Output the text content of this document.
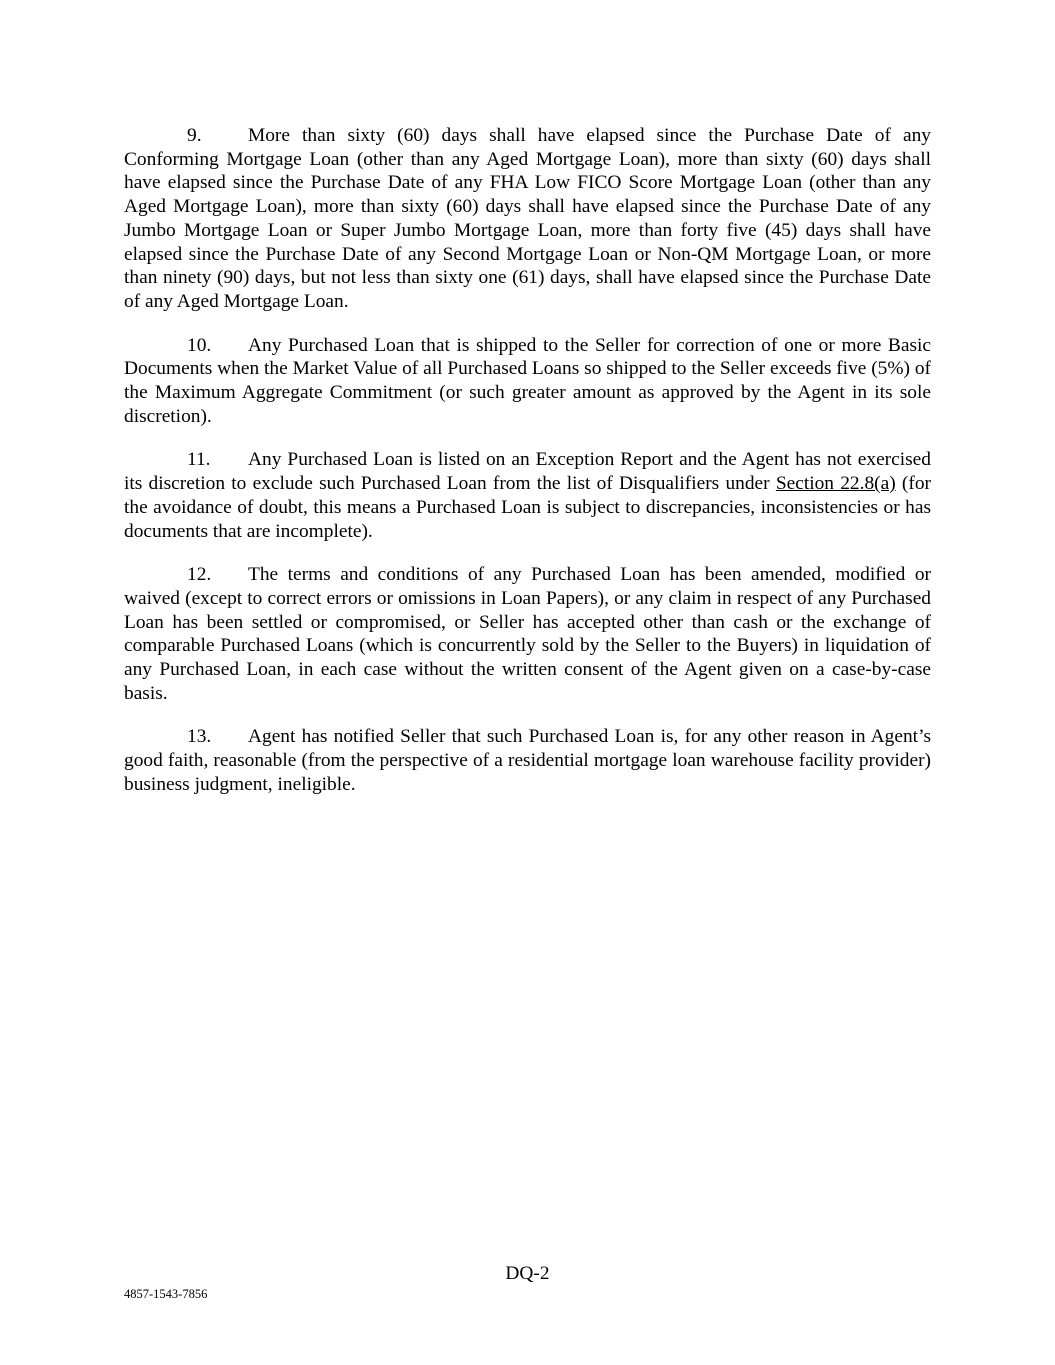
9. More than sixty (60) days shall have elapsed since the Purchase Date of any Conforming Mortgage Loan (other than any Aged Mortgage Loan), more than sixty (60) days shall have elapsed since the Purchase Date of any FHA Low FICO Score Mortgage Loan (other than any Aged Mortgage Loan), more than sixty (60) days shall have elapsed since the Purchase Date of any Jumbo Mortgage Loan or Super Jumbo Mortgage Loan, more than forty five (45) days shall have elapsed since the Purchase Date of any Second Mortgage Loan or Non-QM Mortgage Loan, or more than ninety (90) days, but not less than sixty one (61) days, shall have elapsed since the Purchase Date of any Aged Mortgage Loan.

10. Any Purchased Loan that is shipped to the Seller for correction of one or more Basic Documents when the Market Value of all Purchased Loans so shipped to the Seller exceeds five (5%) of the Maximum Aggregate Commitment (or such greater amount as approved by the Agent in its sole discretion).

11. Any Purchased Loan is listed on an Exception Report and the Agent has not exercised its discretion to exclude such Purchased Loan from the list of Disqualifiers under Section 22.8(a) (for the avoidance of doubt, this means a Purchased Loan is subject to discrepancies, inconsistencies or has documents that are incomplete).

12. The terms and conditions of any Purchased Loan has been amended, modified or waived (except to correct errors or omissions in Loan Papers), or any claim in respect of any Purchased Loan has been settled or compromised, or Seller has accepted other than cash or the exchange of comparable Purchased Loans (which is concurrently sold by the Seller to the Buyers) in liquidation of any Purchased Loan, in each case without the written consent of the Agent given on a case-by-case basis.

13. Agent has notified Seller that such Purchased Loan is, for any other reason in Agent’s good faith, reasonable (from the perspective of a residential mortgage loan warehouse facility provider) business judgment, ineligible.

DQ-2
4857-1543-7856
